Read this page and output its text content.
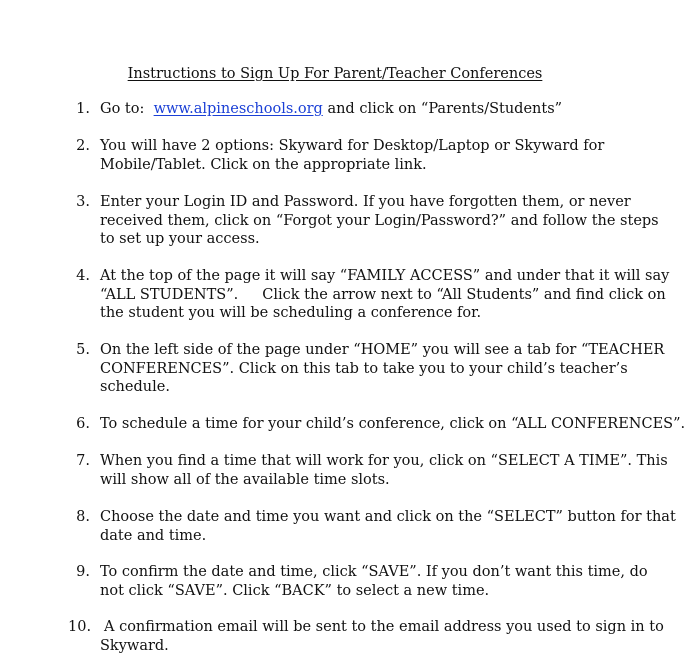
Instructions to Sign Up For Parent/Teacher Conferences
1. Go to: www.alpineschools.org and click on “Parents/Students”
2. You will have 2 options: Skyward for Desktop/Laptop or Skyward for
Mobile/Tablet. Click on the appropriate link.
3. Enter your Login ID and Password. If you have forgotten them, or never
received them, click on “Forgot your Login/Password?” and follow the steps
to set up your access.
4. At the top of the page it will say “FAMILY ACCESS” and under that it will say
“ALL STUDENTS”. Click the arrow next to “All Students” and find click on
the student you will be scheduling a conference for.
5. On the left side of the page under “HOME” you will see a tab for “TEACHER
CONFERENCES”. Click on this tab to take you to your child’s teacher’s
schedule.
6. To schedule a time for your child’s conference, click on “ALL CONFERENCES”.
7. When you find a time that will work for you, click on “SELECT A TIME”. This
will show all of the available time slots.
8. Choose the date and time you want and click on the “SELECT” button for that
date and time.
9. To confirm the date and time, click “SAVE”. If you don’t want this time, do
not click “SAVE”. Click “BACK” to select a new time.
10. A confirmation email will be sent to the email address you used to sign in to
Skyward.
